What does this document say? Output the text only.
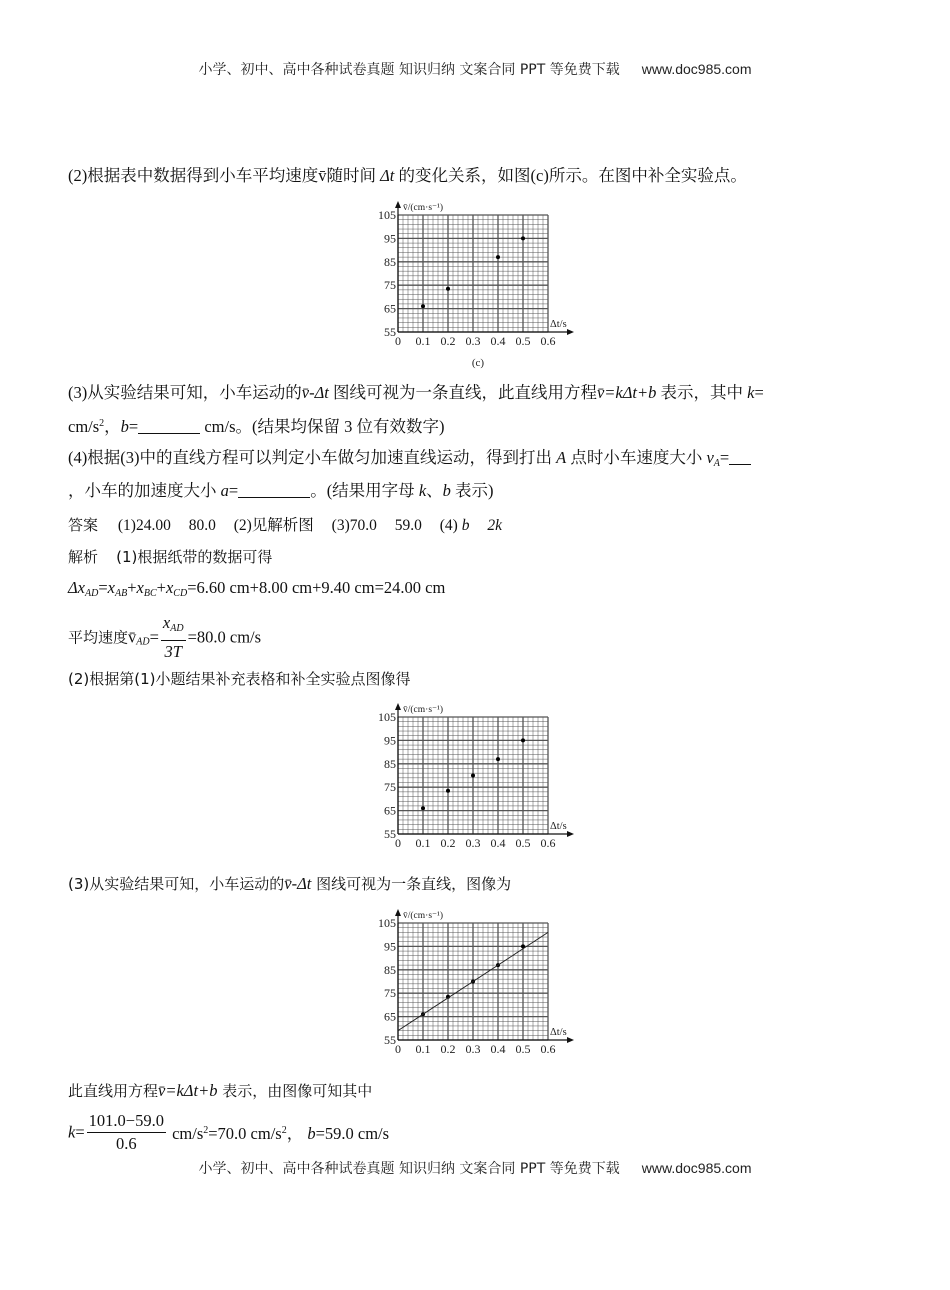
小学、初中、高中各种试卷真题 知识归纳 文案合同 PPT 等免费下载 www.doc985.com
(2)根据表中数据得到小车平均速度v̄随时间 Δt 的变化关系，如图(c)所示。在图中补全实验点。
0 0.1 0.2 0.3 0.4 0.5 0.6
55
65
75
85
95
105 v̄/(cm·s⁻¹)
Δt/s
(c)
(3)从实验结果可知，小车运动的v̄-Δt 图线可视为一条直线，此直线用方程v̄=kΔt+b 表示，其中 k=
$cm/s^2$，b=	cm/s。(结果均保留 3 位有效数字)
(4)根据(3)中的直线方程可以判定小车做匀加速直线运动，得到打出 A 点时小车速度大小 $v_A=$
，小车的加速度大小 a=	。(结果用字母 k、b 表示)
答案 (1)24.00 80.0 (2)见解析图 (3)70.0 59.0 (4) b 2k
解析 (1)根据纸带的数据可得
$\Delta x_{AD}=x_{AB}+x_{BC}+x_{CD}=6.60$ cm+8.00 cm+9.40 cm=24.00 cm
平均速度$v̄_{AD}= \frac{x_{AD}}{3T} =80.0$ cm/s
(2)根据第(1)小题结果补充表格和补全实验点图像得
0 0.1 0.2 0.3 0.4 0.5 0.6
55
65
75
85
95
105 v̄/(cm·s⁻¹)
Δt/s
(3)从实验结果可知，小车运动的v̄-Δt 图线可视为一条直线，图像为
0 0.1 0.2 0.3 0.4 0.5 0.6
55
65
75
85
95
105 v̄/(cm·s⁻¹)
Δt/s
此直线用方程v̄=kΔt+b 表示，由图像可知其中
$k= \frac{101.0-59.0}{0.6} cm/s^2=70.0$ $cm/s^2$， b=59.0 cm/s
小学、初中、高中各种试卷真题 知识归纳 文案合同 PPT 等免费下载 www.doc985.com
